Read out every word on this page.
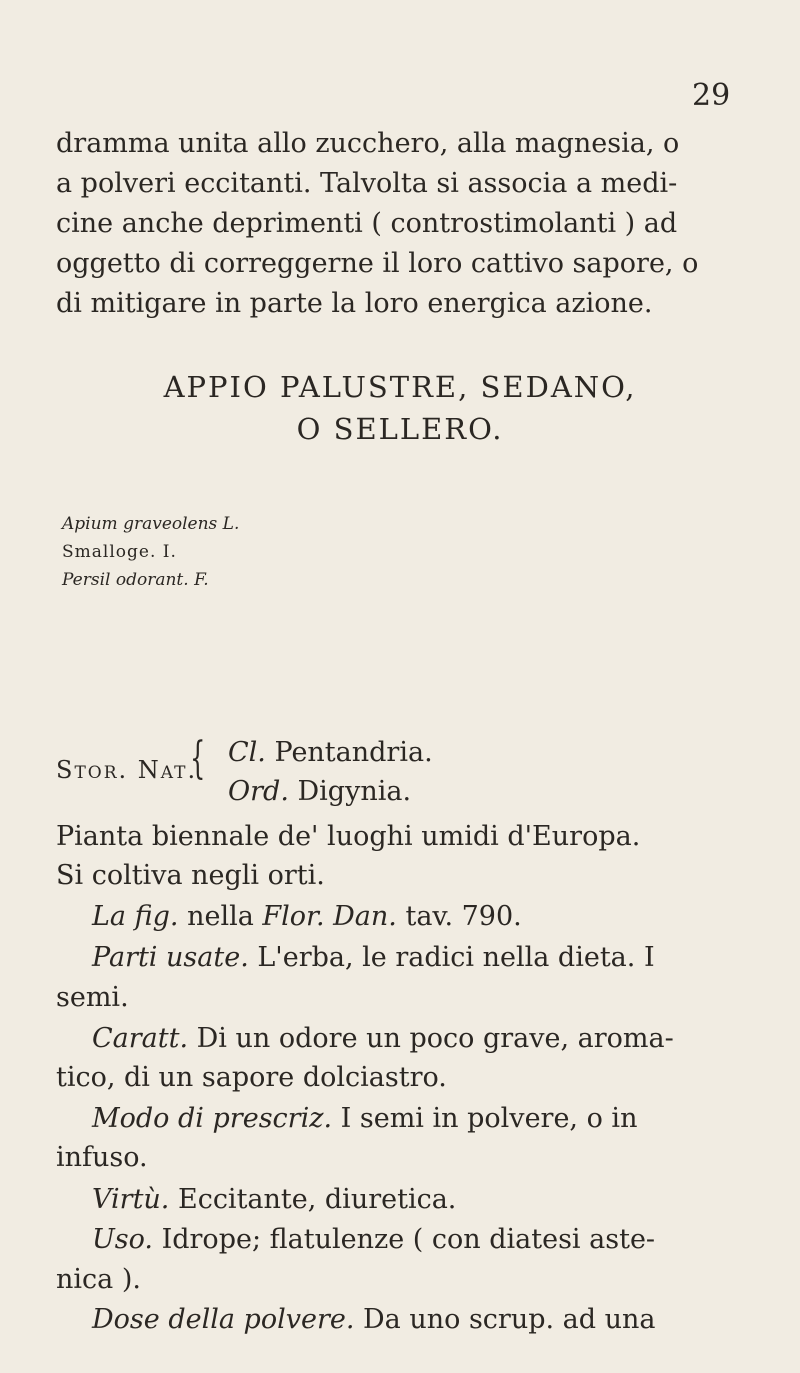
29
dramma unita allo zucchero, alla magnesia, o
a polveri eccitanti. Talvolta si associa a medi-
cine anche deprimenti ( controstimolanti ) ad
oggetto di correggerne il loro cattivo sapore, o
di mitigare in parte la loro energica azione.
APPIO PALUSTRE, SEDANO,
O SELLERO.
Apium graveolens L.
Smalloge. I.
Persil odorant. F.
Stor. Nat.
{ Cl. Pentandria.
Ord. Digynia.
Pianta biennale de' luoghi umidi d'Europa.
Si coltiva negli orti.
La fig. nella Flor. Dan. tav. 790.
Parti usate. L'erba, le radici nella dieta. I
semi.
Caratt. Di un odore un poco grave, aroma-
tico, di un sapore dolciastro.
Modo di prescriz. I semi in polvere, o in
infuso.
Virtù. Eccitante, diuretica.
Uso. Idrope; flatulenze ( con diatesi aste-
nica ).
Dose della polvere. Da uno scrup. ad una
